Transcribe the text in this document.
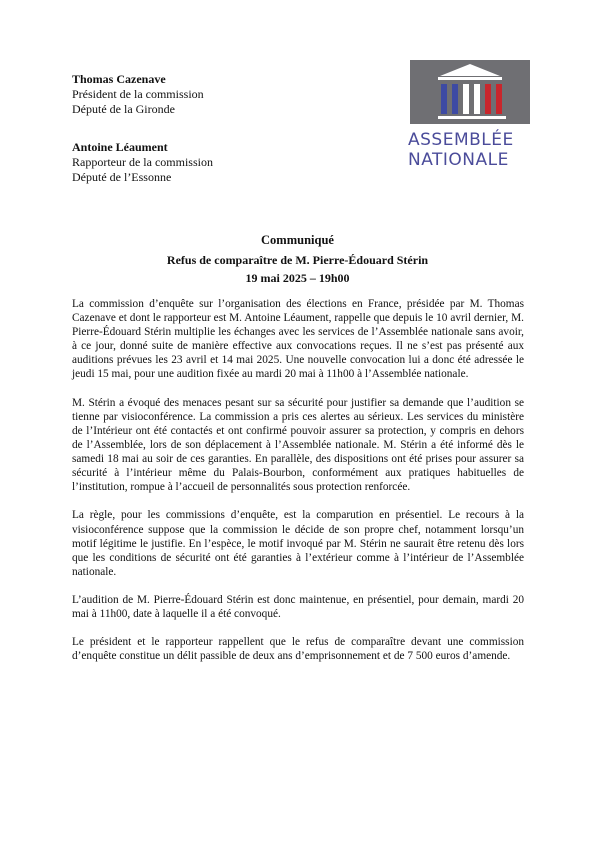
Thomas Cazenave
Président de la commission
Député de la Gironde
Antoine Léaument
Rapporteur de la commission
Député de l’Essonne
ASSEMBLÉE
NATIONALE
Communiqué
Refus de comparaître de M. Pierre-Édouard Stérin
19 mai 2025 – 19h00

La commission d’enquête sur l’organisation des élections en France, présidée par M. Thomas Cazenave et dont le rapporteur est M. Antoine Léaument, rappelle que depuis le 10 avril dernier, M. Pierre-Édouard Stérin multiplie les échanges avec les services de l’Assemblée nationale sans avoir, à ce jour, donné suite de manière effective aux convocations reçues. Il ne s’est pas présenté aux auditions prévues les 23 avril et 14 mai 2025. Une nouvelle convocation lui a donc été adressée le jeudi 15 mai, pour une audition fixée au mardi 20 mai à 11h00 à l’Assemblée nationale.

M. Stérin a évoqué des menaces pesant sur sa sécurité pour justifier sa demande que l’audition se tienne par visioconférence. La commission a pris ces alertes au sérieux. Les services du ministère de l’Intérieur ont été contactés et ont confirmé pouvoir assurer sa protection, y compris en dehors de l’Assemblée, lors de son déplacement à l’Assemblée nationale. M. Stérin a été informé dès le samedi 18 mai au soir de ces garanties. En parallèle, des dispositions ont été prises pour assurer sa sécurité à l’intérieur même du Palais-Bourbon, conformément aux pratiques habituelles de l’institution, rompue à l’accueil de personnalités sous protection renforcée.

La règle, pour les commissions d’enquête, est la comparution en présentiel. Le recours à la visioconférence suppose que la commission le décide de son propre chef, notamment lorsqu’un motif légitime le justifie. En l’espèce, le motif invoqué par M. Stérin ne saurait être retenu dès lors que les conditions de sécurité ont été garanties à l’extérieur comme à l’intérieur de l’Assemblée nationale.

L’audition de M. Pierre-Édouard Stérin est donc maintenue, en présentiel, pour demain, mardi 20 mai à 11h00, date à laquelle il a été convoqué.

Le président et le rapporteur rappellent que le refus de comparaître devant une commission d’enquête constitue un délit passible de deux ans d’emprisonnement et de 7 500 euros d’amende.
